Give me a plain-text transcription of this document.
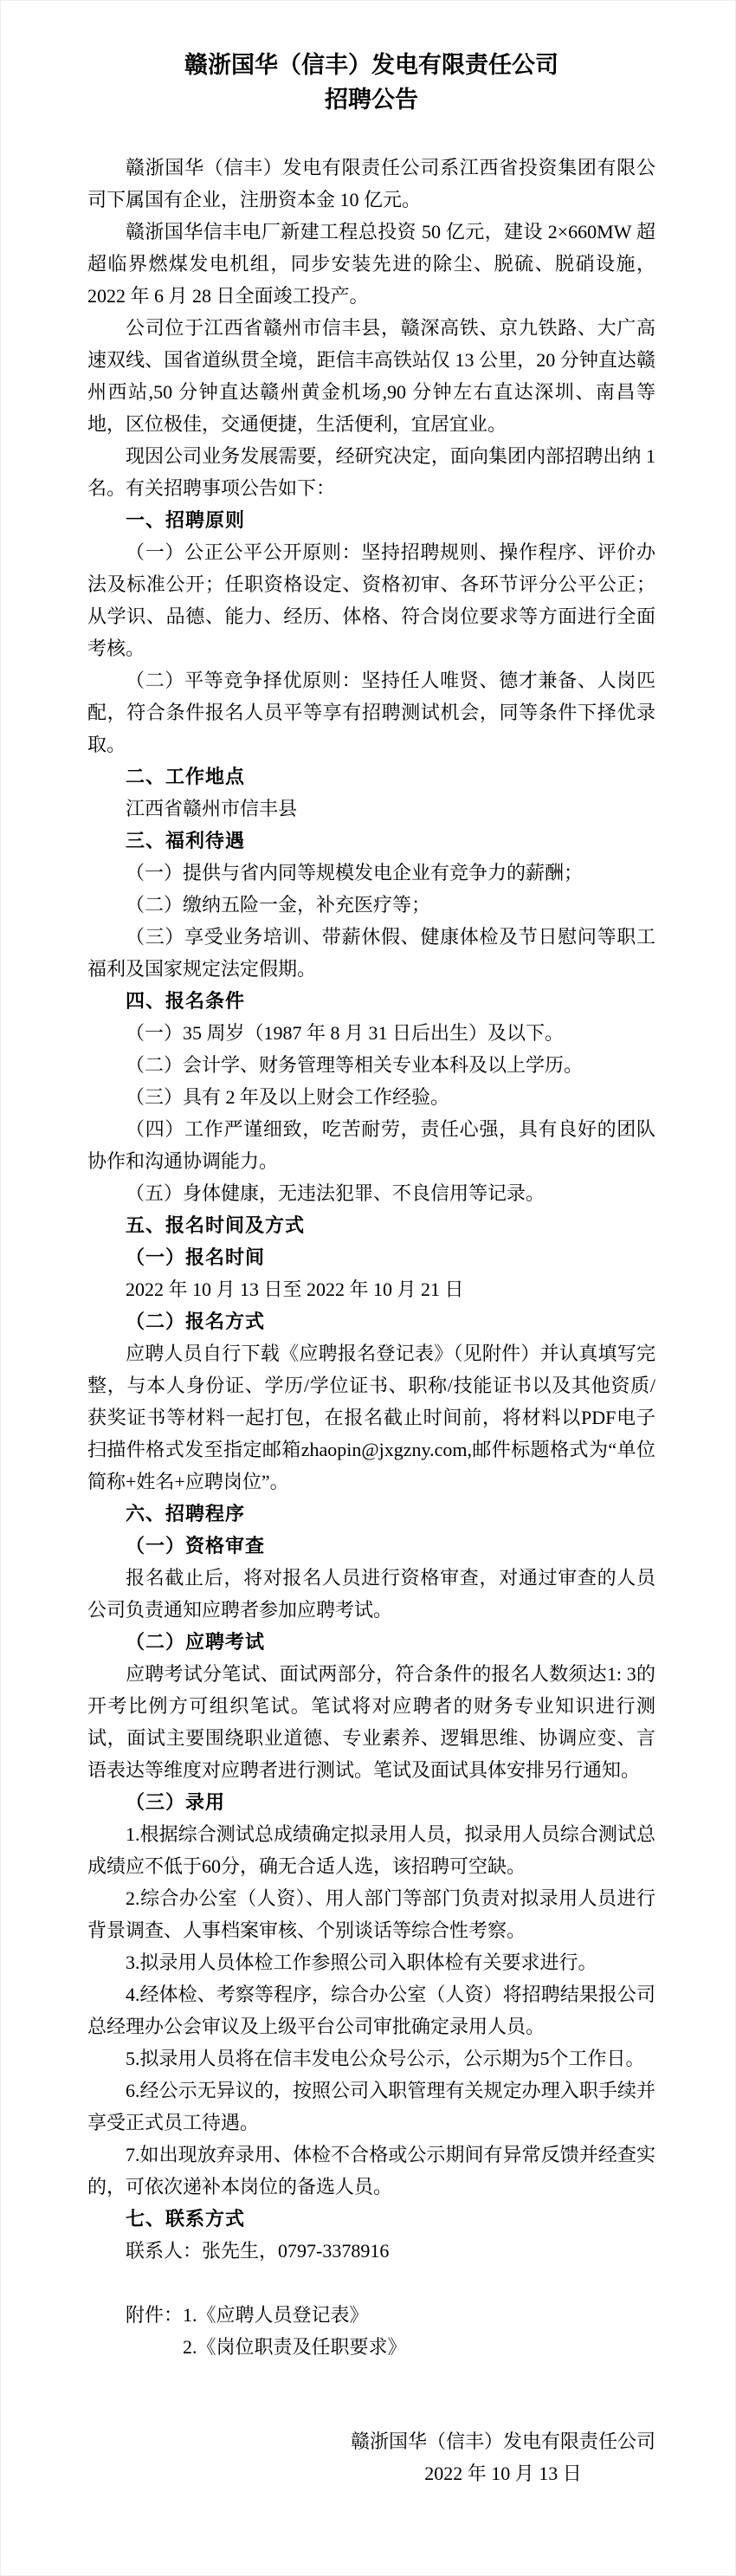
赣浙国华（信丰）发电有限责任公司
招聘公告
赣浙国华（信丰）发电有限责任公司系江西省投资集团有限公司下属国有企业，注册资本金 10 亿元。
赣浙国华信丰电厂新建工程总投资 50 亿元，建设 2×660MW 超超临界燃煤发电机组，同步安装先进的除尘、脱硫、脱硝设施，2022 年 6 月 28 日全面竣工投产。
公司位于江西省赣州市信丰县，赣深高铁、京九铁路、大广高速双线、国省道纵贯全境，距信丰高铁站仅 13 公里，20 分钟直达赣州西站,50 分钟直达赣州黄金机场,90 分钟左右直达深圳、南昌等地，区位极佳，交通便捷，生活便利，宜居宜业。
现因公司业务发展需要，经研究决定，面向集团内部招聘出纳 1 名。有关招聘事项公告如下：
一、招聘原则
（一）公正公平公开原则：坚持招聘规则、操作程序、评价办法及标准公开；任职资格设定、资格初审、各环节评分公平公正；从学识、品德、能力、经历、体格、符合岗位要求等方面进行全面考核。
（二）平等竞争择优原则：坚持任人唯贤、德才兼备、人岗匹配，符合条件报名人员平等享有招聘测试机会，同等条件下择优录取。
二、工作地点
江西省赣州市信丰县
三、福利待遇
（一）提供与省内同等规模发电企业有竞争力的薪酬；
（二）缴纳五险一金，补充医疗等；
（三）享受业务培训、带薪休假、健康体检及节日慰问等职工福利及国家规定法定假期。
四、报名条件
（一）35 周岁（1987 年 8 月 31 日后出生）及以下。
（二）会计学、财务管理等相关专业本科及以上学历。
（三）具有 2 年及以上财会工作经验。
（四）工作严谨细致，吃苦耐劳，责任心强，具有良好的团队协作和沟通协调能力。
（五）身体健康，无违法犯罪、不良信用等记录。
五、报名时间及方式
（一）报名时间
2022 年 10 月 13 日至 2022 年 10 月 21 日
（二）报名方式
应聘人员自行下载《应聘报名登记表》（见附件）并认真填写完整，与本人身份证、学历/学位证书、职称/技能证书以及其他资质/获奖证书等材料一起打包，在报名截止时间前，将材料以PDF电子扫描件格式发至指定邮箱zhaopin@jxgzny.com,邮件标题格式为“单位简称+姓名+应聘岗位”。
六、招聘程序
（一）资格审查
报名截止后，将对报名人员进行资格审查，对通过审查的人员公司负责通知应聘者参加应聘考试。
（二）应聘考试
应聘考试分笔试、面试两部分，符合条件的报名人数须达1: 3的开考比例方可组织笔试。笔试将对应聘者的财务专业知识进行测试，面试主要围绕职业道德、专业素养、逻辑思维、协调应变、言语表达等维度对应聘者进行测试。笔试及面试具体安排另行通知。
（三）录用
1.根据综合测试总成绩确定拟录用人员，拟录用人员综合测试总成绩应不低于60分，确无合适人选，该招聘可空缺。
2.综合办公室（人资）、用人部门等部门负责对拟录用人员进行背景调查、人事档案审核、个别谈话等综合性考察。
3.拟录用人员体检工作参照公司入职体检有关要求进行。
4.经体检、考察等程序，综合办公室（人资）将招聘结果报公司总经理办公会审议及上级平台公司审批确定录用人员。
5.拟录用人员将在信丰发电公众号公示，公示期为5个工作日。
6.经公示无异议的，按照公司入职管理有关规定办理入职手续并享受正式员工待遇。
7.如出现放弃录用、体检不合格或公示期间有异常反馈并经查实的，可依次递补本岗位的备选人员。
七、联系方式
联系人：张先生，0797-3378916
附件：1.《应聘人员登记表》
2.《岗位职责及任职要求》
赣浙国华（信丰）发电有限责任公司
2022 年 10 月 13 日
